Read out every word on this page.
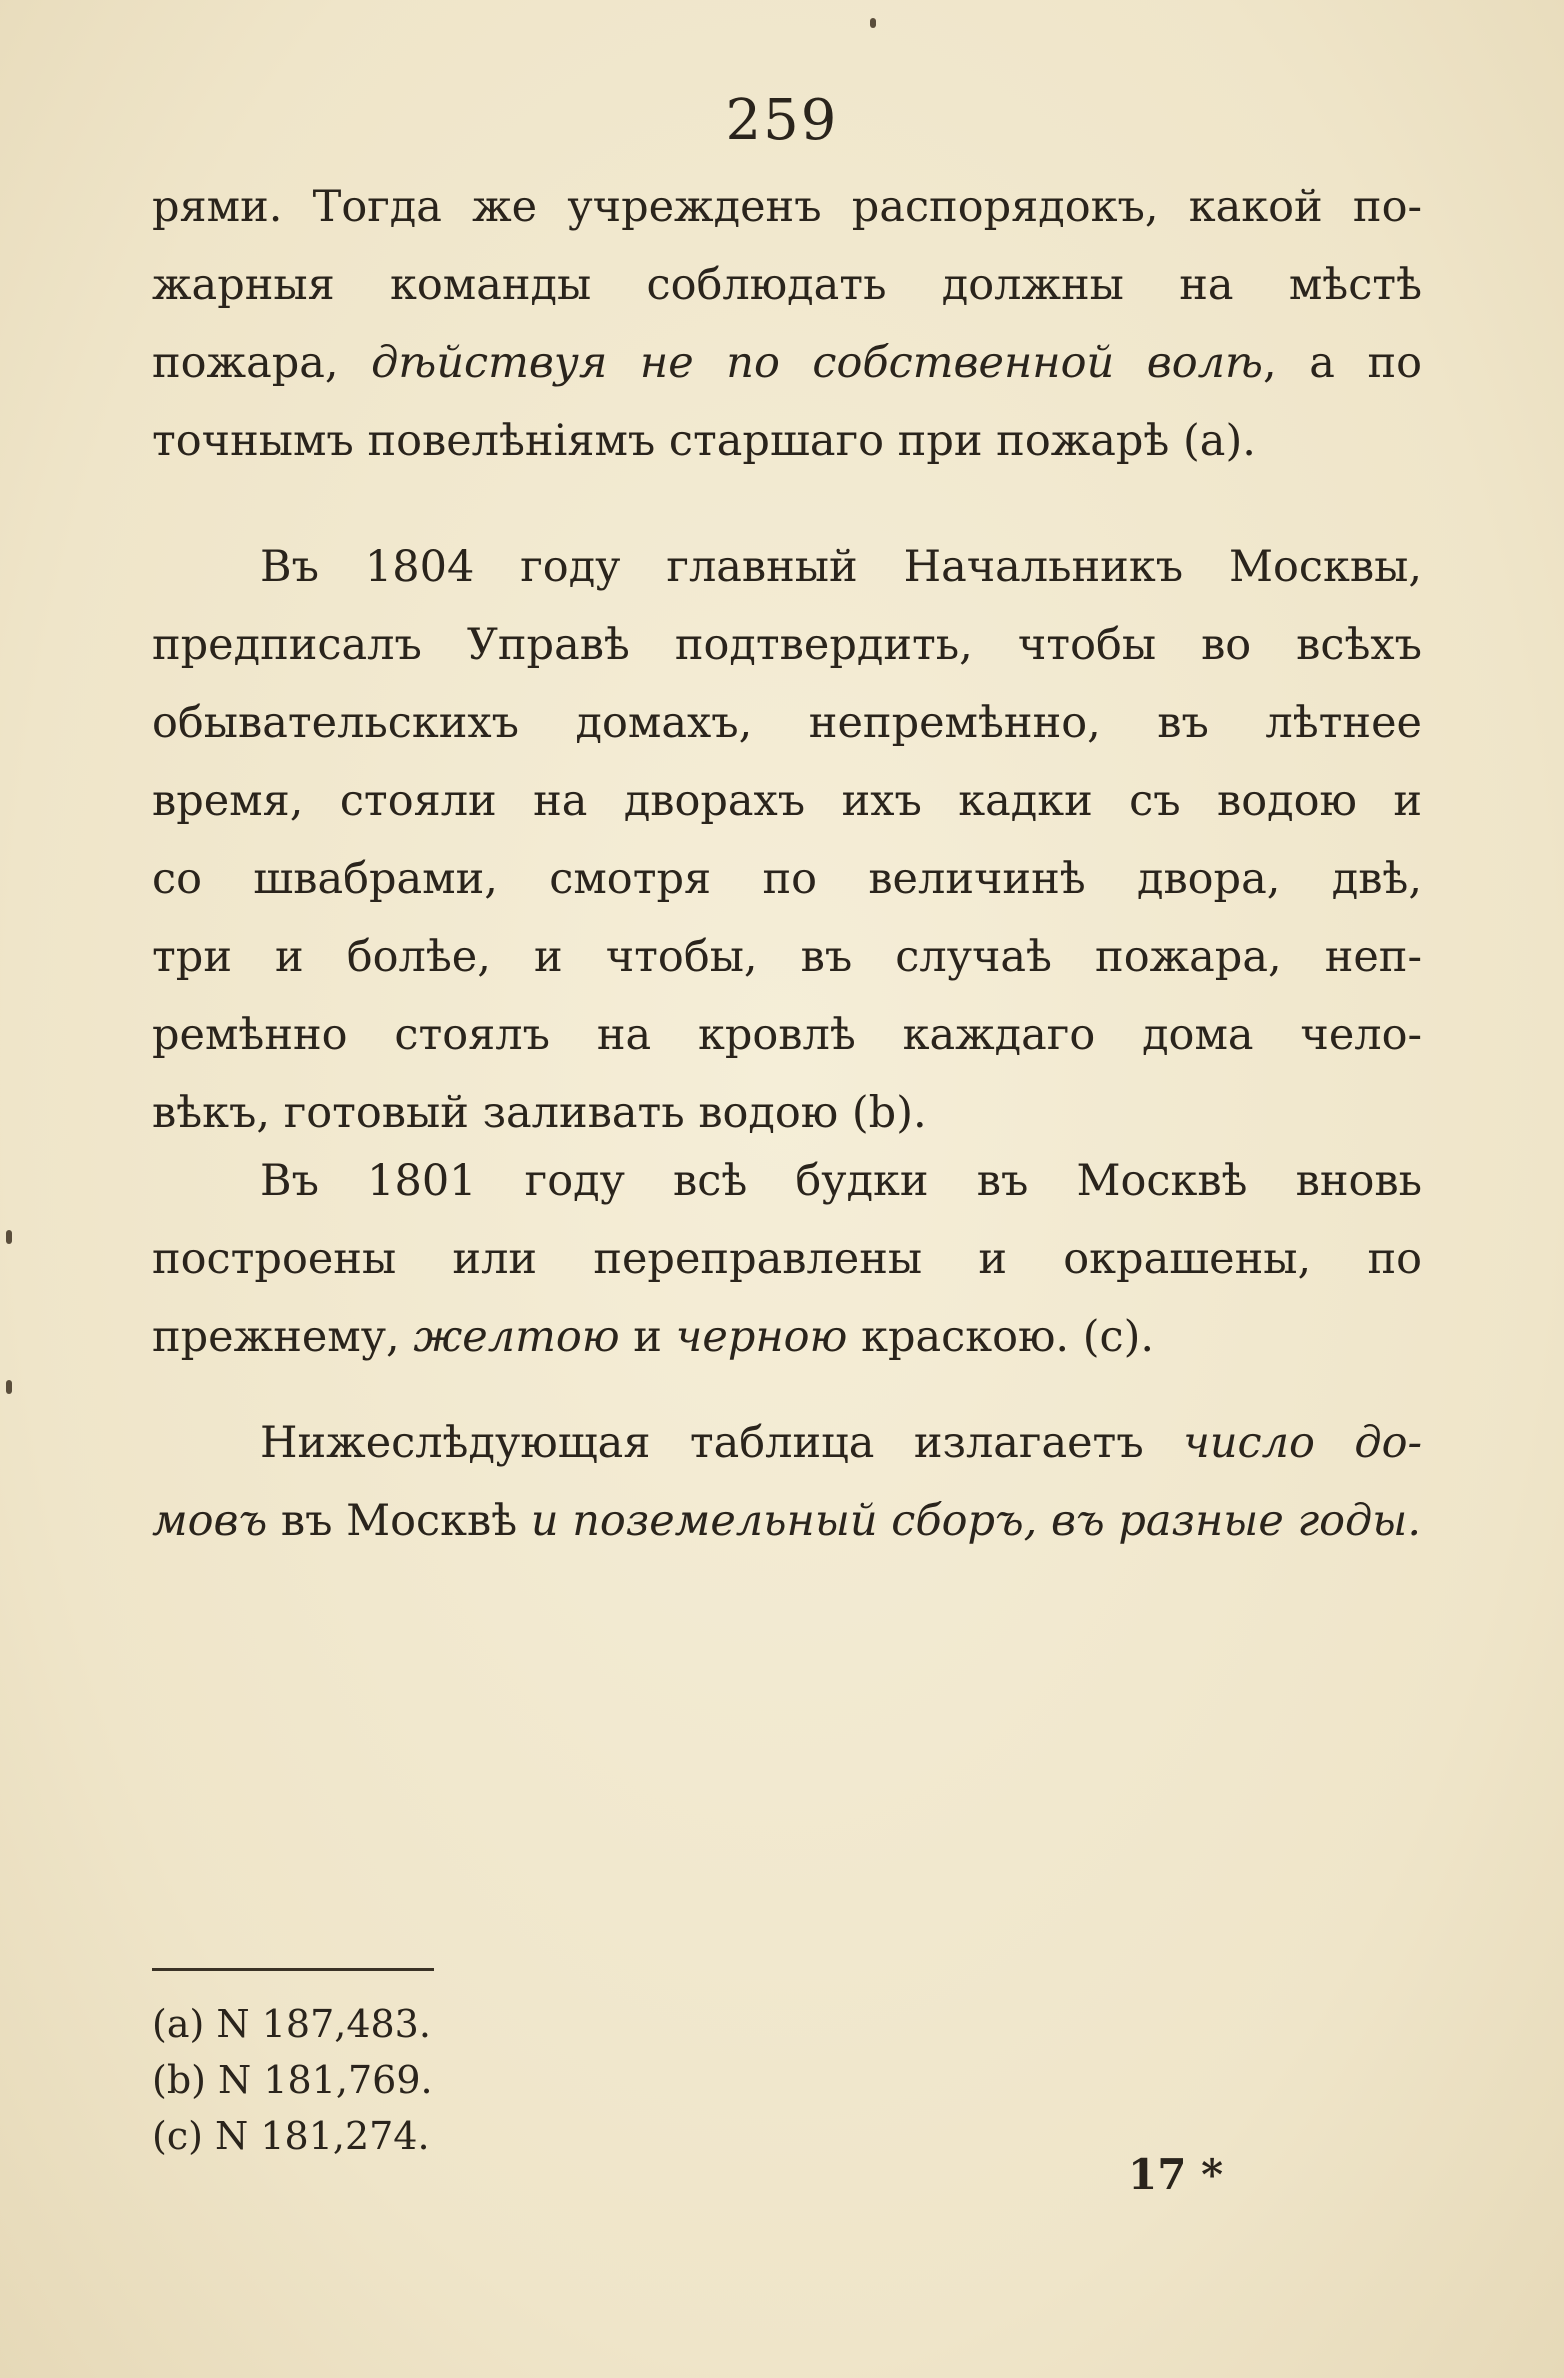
259
рями. Тогда же учрежденъ распорядокъ, какой по-
жарныя команды соблюдать должны на мѣстѣ
пожара, дѣйствуя не по собственной волѣ, а по
точнымъ повелѣніямъ старшаго при пожарѣ (a).
Въ 1804 году главный Начальникъ Москвы,
предписалъ Управѣ подтвердить, чтобы во всѣхъ
обывательскихъ домахъ, непремѣнно, въ лѣтнее
время, стояли на дворахъ ихъ кадки съ водою и
со швабрами, смотря по величинѣ двора, двѣ,
три и болѣе, и чтобы, въ случаѣ пожара, неп-
ремѣнно стоялъ на кровлѣ каждаго дома чело-
вѣкъ, готовый заливать водою (b).
Въ 1801 году всѣ будки въ Москвѣ вновь
построены или переправлены и окрашены, по
прежнему, желтою и черною краскою. (c).
Нижеслѣдующая таблица излагаетъ число до-
мовъ въ Москвѣ и поземельный сборъ, въ разные годы.
(a) N 187,483.
(b) N 181,769.
(c) N 181,274.
17 *
